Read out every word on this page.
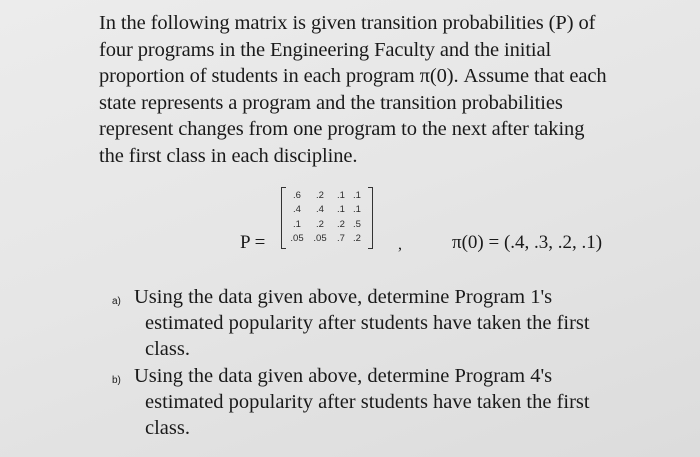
In the following matrix is given transition probabilities (P) of
four programs in the Engineering Faculty and the initial
proportion of students in each program π(0). Assume that each
state represents a program and the transition probabilities
represent changes from one program to the next after taking
the first class in each discipline.
P =
.6	.2	.1	.1
.4	.4	.1	.1
.1	.2	.2	.5
.05	.05	.7	.2 ,	π(0) = (.4, .3, .2, .1)
a) Using the data given above, determine Program 1's
estimated popularity after students have taken the first
class.
b) Using the data given above, determine Program 4's
estimated popularity after students have taken the first
class.
